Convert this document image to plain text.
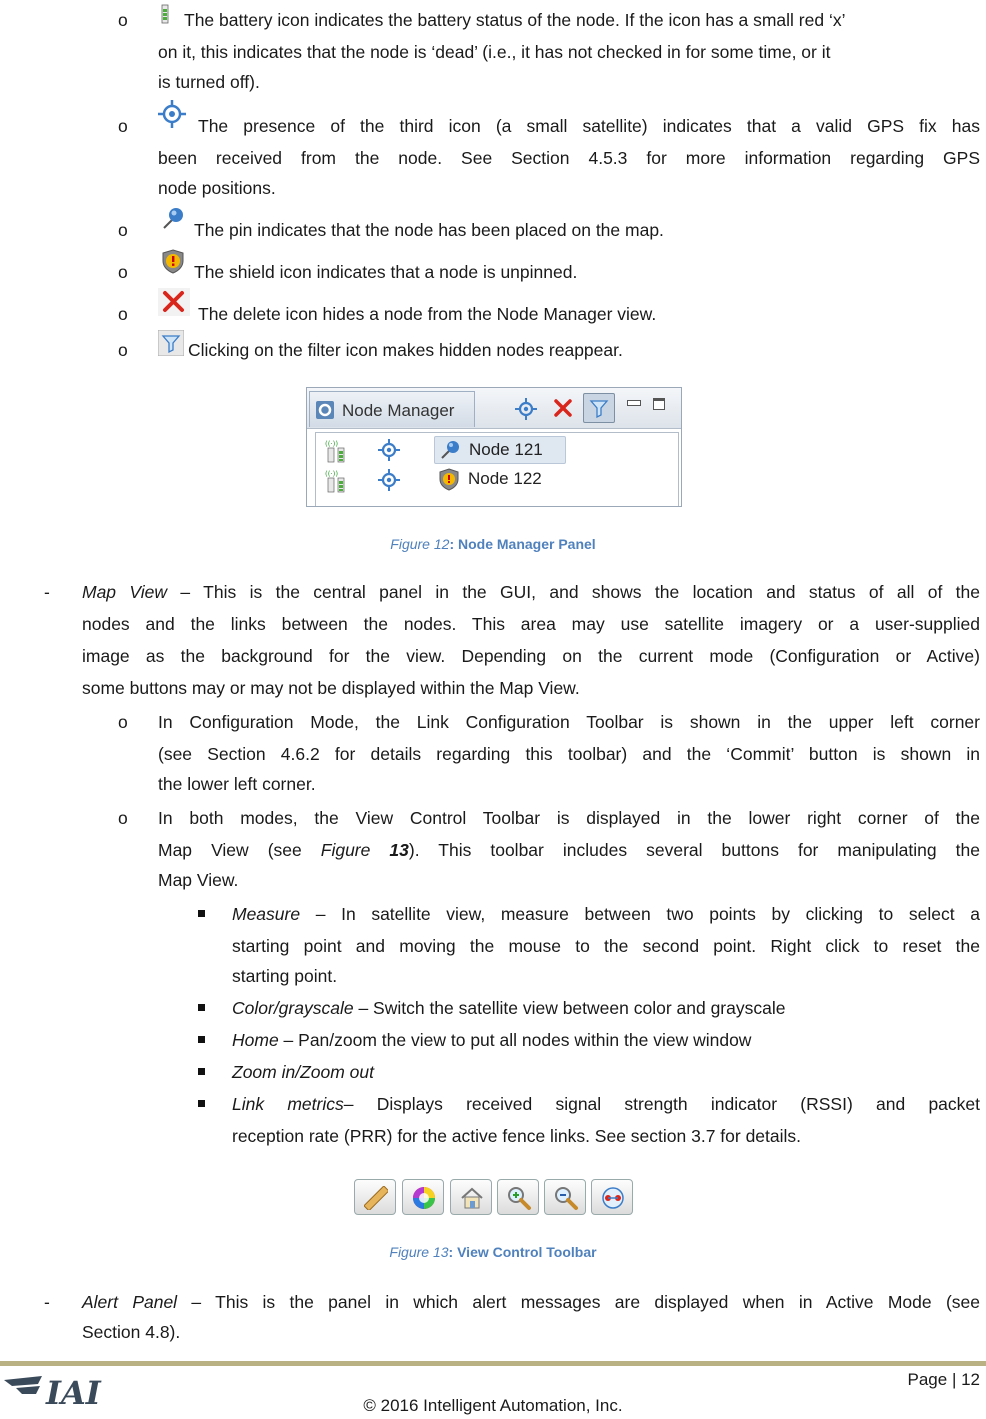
o	The battery icon indicates the battery status of the node. If the icon has a small red ‘x’
on it, this indicates that the node is ‘dead’ (i.e., it has not checked in for some time, or it
is turned off).
o	The presence of the third icon (a small satellite) indicates that a valid GPS fix has
been received from the node. See Section 4.5.3 for more information regarding GPS
node positions.
o	The pin indicates that the node has been placed on the map.
o	The shield icon indicates that a node is unpinned.
o	The delete icon hides a node from the Node Manager view.
o	Clicking on the filter icon makes hidden nodes reappear.
Node Manager
((·))	Node 121
((·))	Node 122
Figure 12: Node Manager Panel
- Map View – This is the central panel in the GUI, and shows the location and status of all of the
nodes and the links between the nodes. This area may use satellite imagery or a user-supplied
image as the background for the view. Depending on the current mode (Configuration or Active)
some buttons may or may not be displayed within the Map View.
o In Configuration Mode, the Link Configuration Toolbar is shown in the upper left corner
(see Section 4.6.2 for details regarding this toolbar) and the ‘Commit’ button is shown in
the lower left corner.
o In both modes, the View Control Toolbar is displayed in the lower right corner of the
Map View (see Figure 13). This toolbar includes several buttons for manipulating the
Map View.
Measure – In satellite view, measure between two points by clicking to select a
starting point and moving the mouse to the second point. Right click to reset the
starting point.
Color/grayscale – Switch the satellite view between color and grayscale
Home – Pan/zoom the view to put all nodes within the view window
Zoom in/Zoom out
Link metrics– Displays received signal strength indicator (RSSI) and packet
reception rate (PRR) for the active fence links. See section 3.7 for details.
Figure 13: View Control Toolbar
- Alert Panel – This is the panel in which alert messages are displayed when in Active Mode (see
Section 4.8).
IAI	Page | 12
© 2016 Intelligent Automation, Inc.
